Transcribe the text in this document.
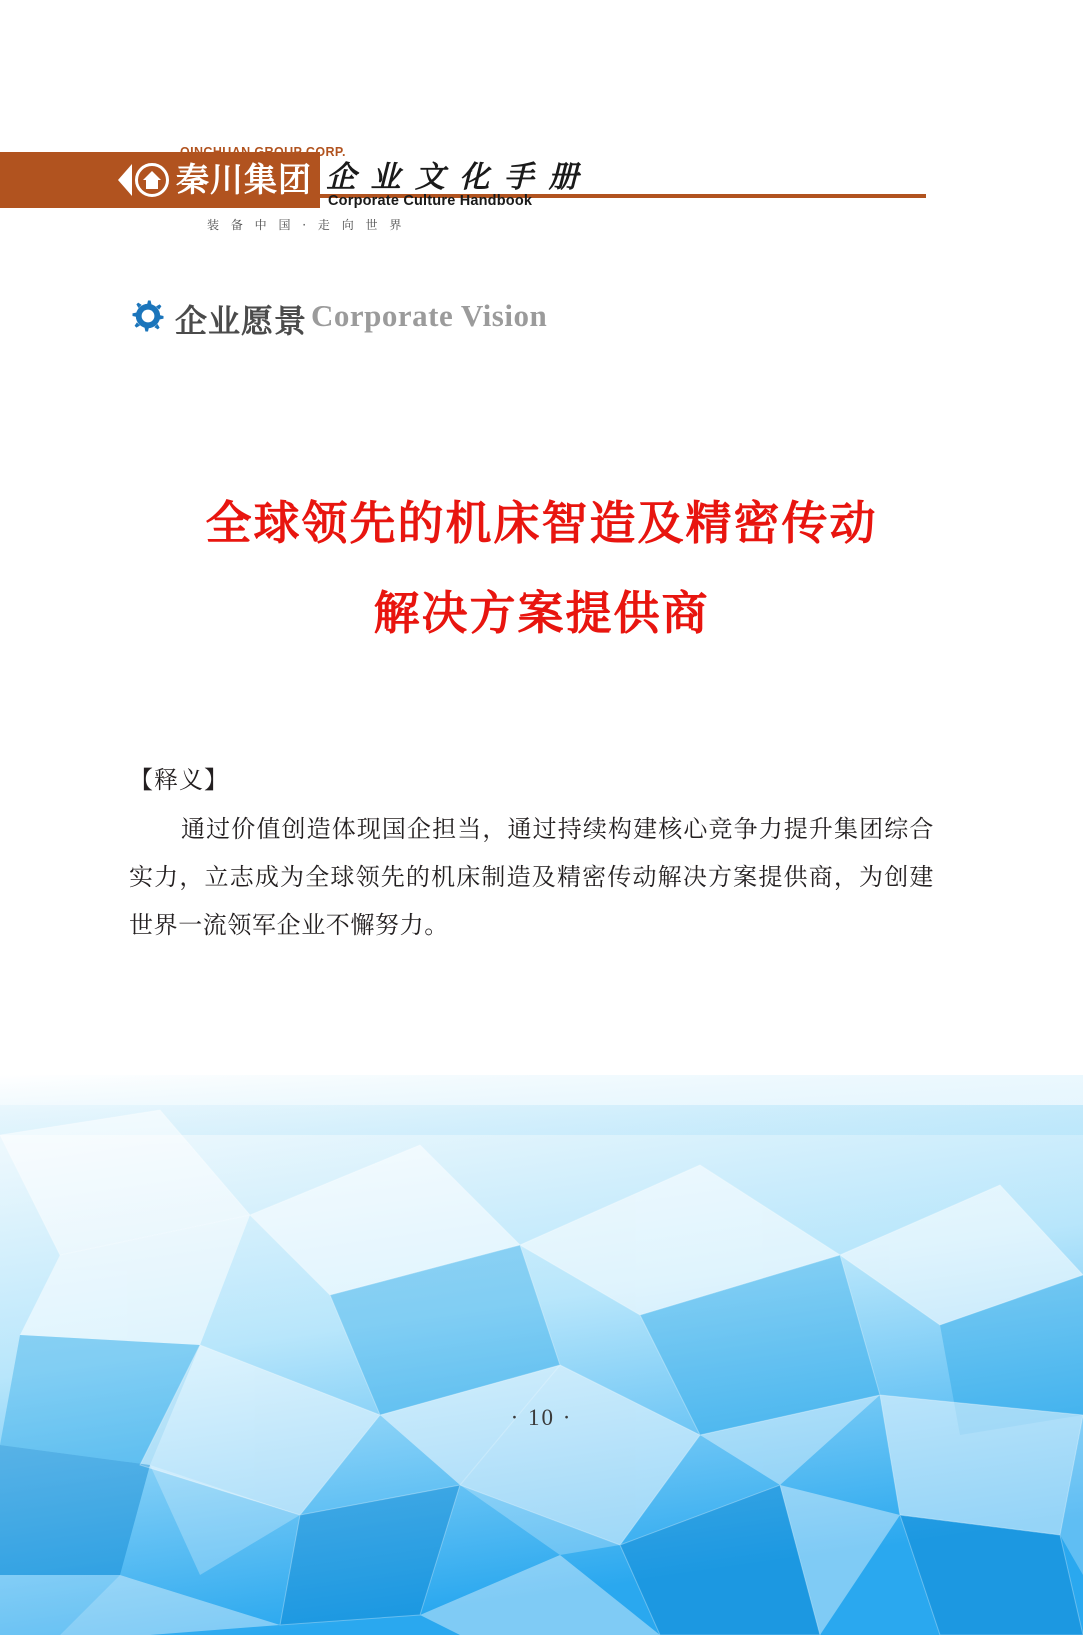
QINCHUAN GROUP CORP.
秦川集团
装 备 中 国 · 走 向 世 界
企 业 文 化 手 册
Corporate Culture Handbook
企业愿景 Corporate Vision
全球领先的机床智造及精密传动
解决方案提供商
【释义】
通过价值创造体现国企担当，通过持续构建核心竞争力提升集团综合实力，立志成为全球领先的机床制造及精密传动解决方案提供商，为创建世界一流领军企业不懈努力。
· 10 ·
